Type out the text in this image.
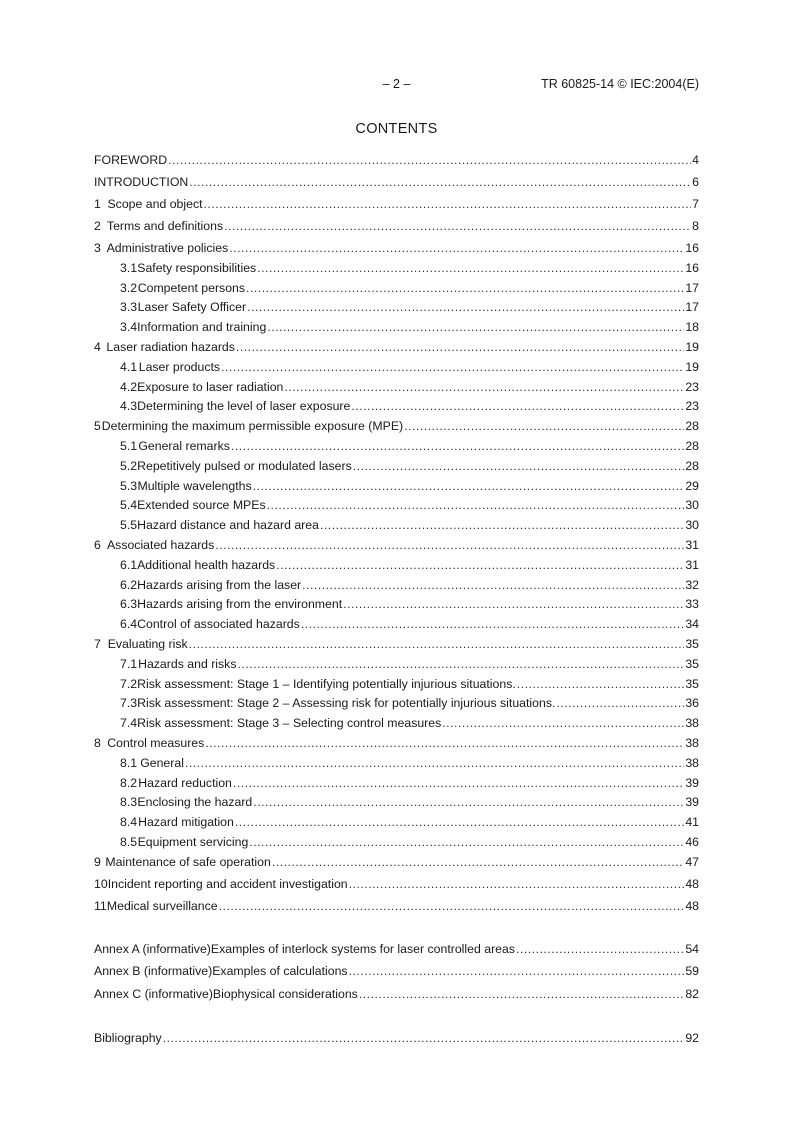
– 2 –	TR 60825-14 © IEC:2004(E)
CONTENTS
FOREWORD .....	4
INTRODUCTION .....	6
1 Scope and object .....	7
2 Terms and definitions .....	8
3 Administrative policies .....	16
3.1 Safety responsibilities .....	16
3.2 Competent persons .....	17
3.3 Laser Safety Officer .....	17
3.4 Information and training .....	18
4 Laser radiation hazards .....	19
4.1 Laser products .....	19
4.2 Exposure to laser radiation .....	23
4.3 Determining the level of laser exposure .....	23
5 Determining the maximum permissible exposure (MPE) .....	28
5.1 General remarks .....	28
5.2 Repetitively pulsed or modulated lasers .....	28
5.3 Multiple wavelengths .....	29
5.4 Extended source MPEs .....	30
5.5 Hazard distance and hazard area .....	30
6 Associated hazards .....	31
6.1 Additional health hazards .....	31
6.2 Hazards arising from the laser .....	32
6.3 Hazards arising from the environment .....	33
6.4 Control of associated hazards .....	34
7 Evaluating risk .....	35
7.1 Hazards and risks .....	35
7.2 Risk assessment: Stage 1 – Identifying potentially injurious situations. .....	35
7.3 Risk assessment: Stage 2 – Assessing risk for potentially injurious situations. .....	36
7.4 Risk assessment: Stage 3 – Selecting control measures .....	38
8 Control measures .....	38
8.1 General .....	38
8.2 Hazard reduction .....	39
8.3 Enclosing the hazard .....	39
8.4 Hazard mitigation .....	41
8.5 Equipment servicing .....	46
9 Maintenance of safe operation .....	47
10 Incident reporting and accident investigation .....	48
11 Medical surveillance .....	48
Annex A (informative) Examples of interlock systems for laser controlled areas .....	54
Annex B (informative) Examples of calculations .....	59
Annex C (informative) Biophysical considerations .....	82
Bibliography .....	92
